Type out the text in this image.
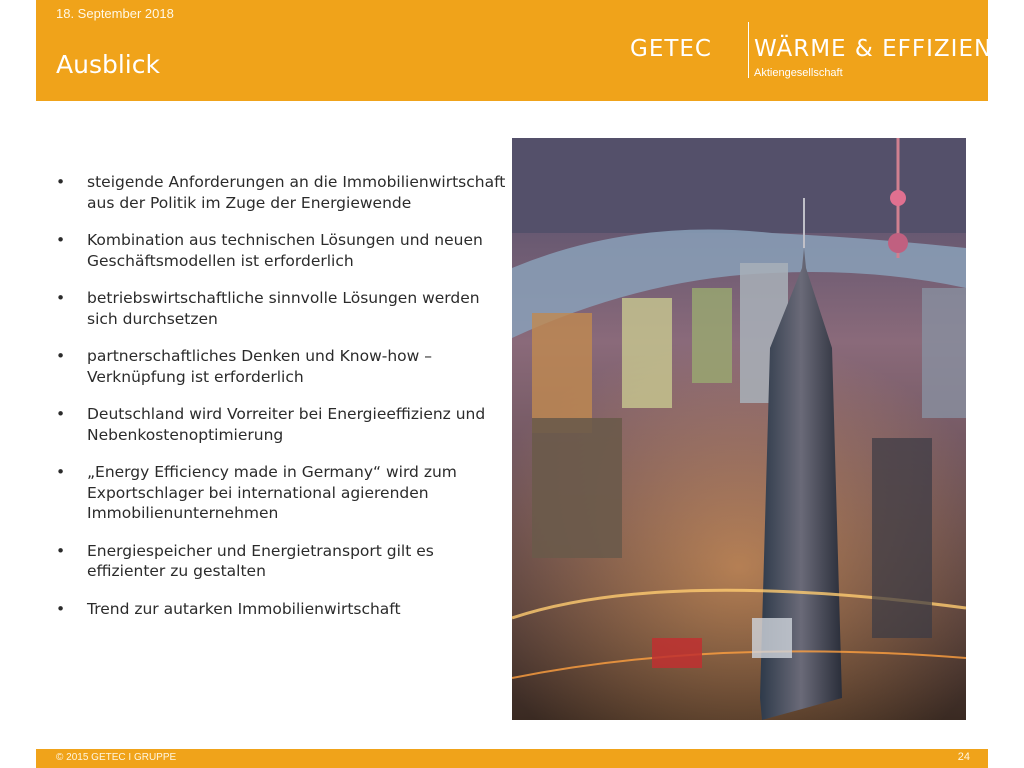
18. September 2018
Ausblick
GETEC WÄRME & EFFIZIENZ
Aktiengesellschaft
• steigende Anforderungen an die Immobilienwirtschaft aus der Politik im Zuge der Energiewende
• Kombination aus technischen Lösungen und neuen Geschäftsmodellen ist erforderlich
• betriebswirtschaftliche sinnvolle Lösungen werden sich durchsetzen
• partnerschaftliches Denken und Know-how – Verknüpfung ist erforderlich
• Deutschland wird Vorreiter bei Energieeffizienz und Nebenkostenoptimierung
• „Energy Efficiency made in Germany“ wird zum Exportschlager bei international agierenden Immobilienunternehmen
• Energiespeicher und Energietransport gilt es effizienter zu gestalten
• Trend zur autarken Immobilienwirtschaft
© 2015 GETEC I GRUPPE	24
